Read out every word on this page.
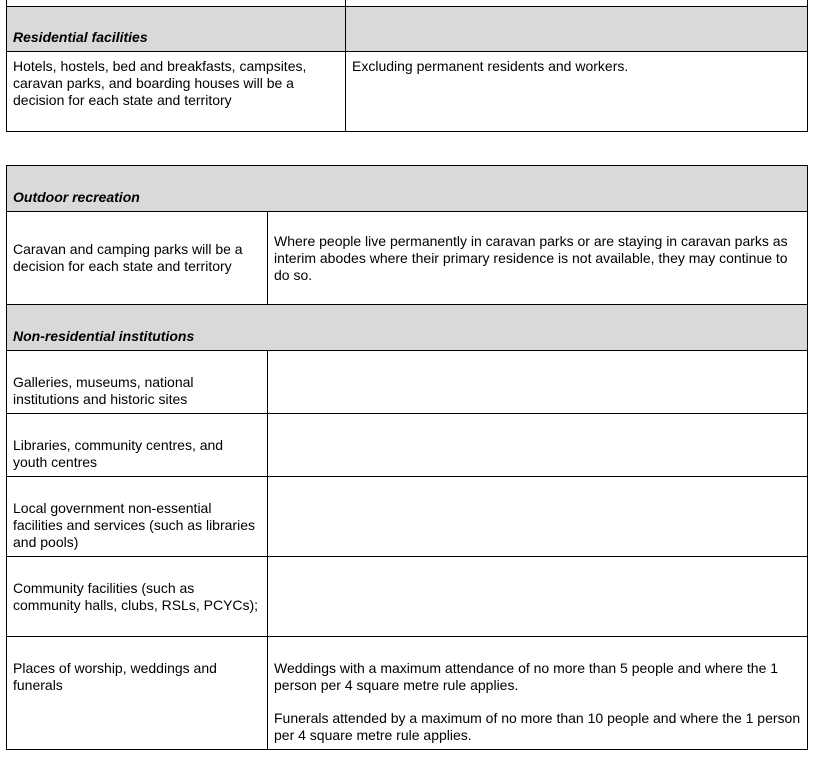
Residential facilities	
Hotels, hostels, bed and breakfasts, campsites, caravan parks, and boarding houses will be a decision for each state and territory	Excluding permanent residents and workers.
Outdoor recreation	
Caravan and camping parks will be a decision for each state and territory	Where people live permanently in caravan parks or are staying in caravan parks as interim abodes where their primary residence is not available, they may continue to do so.
Non-residential institutions	
Galleries, museums, national institutions and historic sites	
Libraries, community centres, and youth centres	
Local government non-essential facilities and services (such as libraries and pools)	
Community facilities (such as community halls, clubs, RSLs, PCYCs);	
Places of worship, weddings and funerals	Weddings with a maximum attendance of no more than 5 people and where the 1 person per 4 square metre rule applies.

Funerals attended by a maximum of no more than 10 people and where the 1 person per 4 square metre rule applies.
